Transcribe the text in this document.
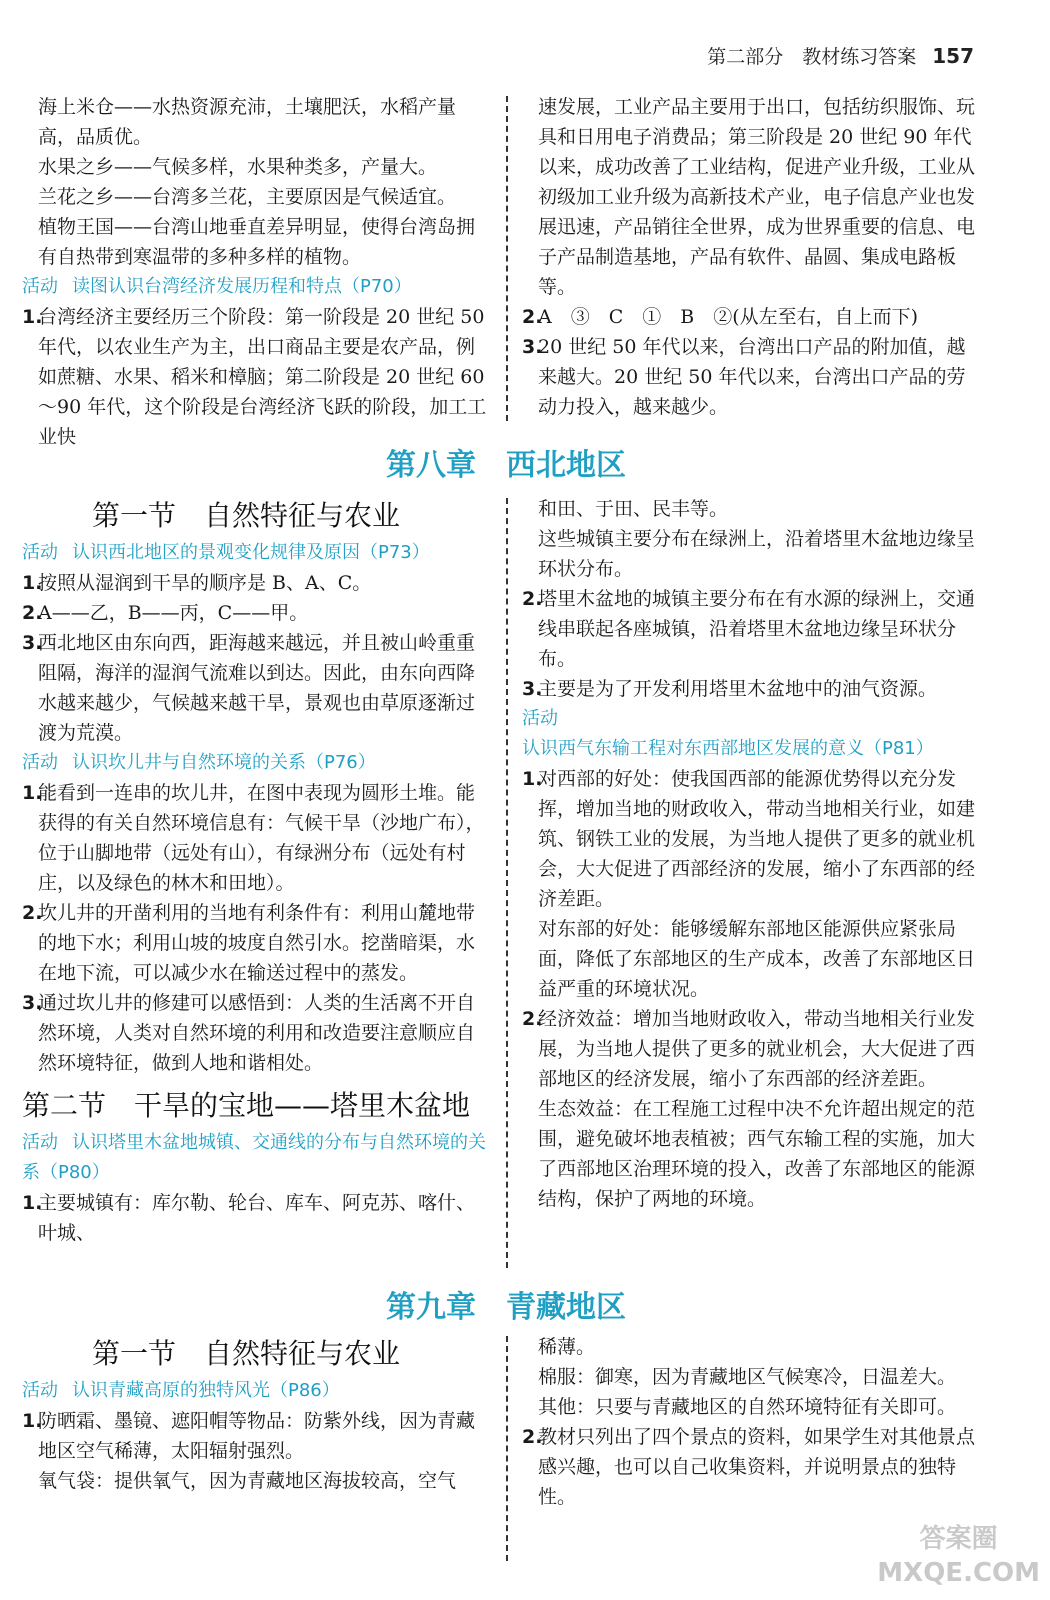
第二部分　教材练习答案 157

海上米仓——水热资源充沛，土壤肥沃，水稻产量高，品质优。

水果之乡——气候多样，水果种类多，产量大。

兰花之乡——台湾多兰花，主要原因是气候适宜。

植物王国——台湾山地垂直差异明显，使得台湾岛拥有自热带到寒温带的多种多样的植物。

活动 读图认识台湾经济发展历程和特点（P70）

1.
台湾经济主要经历三个阶段：第一阶段是 20 世纪 50 年代，以农业生产为主，出口商品主要是农产品，例如蔗糖、水果、稻米和樟脑；第二阶段是 20 世纪 60～90 年代，这个阶段是台湾经济飞跃的阶段，加工工业快

速发展，工业产品主要用于出口，包括纺织服饰、玩具和日用电子消费品；第三阶段是 20 世纪 90 年代以来，成功改善了工业结构，促进产业升级，工业从初级加工业升级为高新技术产业，电子信息产业也发展迅速，产品销往全世界，成为世界重要的信息、电子产品制造基地，产品有软件、晶圆、集成电路板等。

2.
A　③　C　①　B　②(从左至右，自上而下)
3.
20 世纪 50 年代以来，台湾出口产品的附加值，越来越大。20 世纪 50 年代以来，台湾出口产品的劳动力投入，越来越少。
第八章 西北地区

第一节 自然特征与农业

活动 认识西北地区的景观变化规律及原因（P73）

1.
按照从湿润到干旱的顺序是 B、A、C。
2.
A——乙，B——丙，C——甲。
3.
西北地区由东向西，距海越来越远，并且被山岭重重阻隔，海洋的湿润气流难以到达。因此，由东向西降水越来越少，气候越来越干旱，景观也由草原逐渐过渡为荒漠。

活动 认识坎儿井与自然环境的关系（P76）

1.
能看到一连串的坎儿井，在图中表现为圆形土堆。能获得的有关自然环境信息有：气候干旱（沙地广布），位于山脚地带（远处有山），有绿洲分布（远处有村庄，以及绿色的林木和田地）。
2.
坎儿井的开凿利用的当地有利条件有：利用山麓地带的地下水；利用山坡的坡度自然引水。挖凿暗渠，水在地下流，可以减少水在输送过程中的蒸发。
3.
通过坎儿井的修建可以感悟到：人类的生活离不开自然环境，人类对自然环境的利用和改造要注意顺应自然环境特征，做到人地和谐相处。

第二节 干旱的宝地——塔里木盆地

活动 认识塔里木盆地城镇、交通线的分布与自然环境的关系（P80）

1.
主要城镇有：库尔勒、轮台、库车、阿克苏、喀什、叶城、

和田、于田、民丰等。

这些城镇主要分布在绿洲上，沿着塔里木盆地边缘呈环状分布。

2.
塔里木盆地的城镇主要分布在有水源的绿洲上，交通线串联起各座城镇，沿着塔里木盆地边缘呈环状分布。
3.
主要是为了开发利用塔里木盆地中的油气资源。

活动认识西气东输工程对东西部地区发展的意义（P81）

1.
对西部的好处：使我国西部的能源优势得以充分发挥，增加当地的财政收入，带动当地相关行业，如建筑、钢铁工业的发展，为当地人提供了更多的就业机会，大大促进了西部经济的发展，缩小了东西部的经济差距。

对东部的好处：能够缓解东部地区能源供应紧张局面，降低了东部地区的生产成本，改善了东部地区日益严重的环境状况。

2.
经济效益：增加当地财政收入，带动当地相关行业发展，为当地人提供了更多的就业机会，大大促进了西部地区的经济发展，缩小了东西部的经济差距。

生态效益：在工程施工过程中决不允许超出规定的范围，避免破坏地表植被；西气东输工程的实施，加大了西部地区治理环境的投入，改善了东部地区的能源结构，保护了两地的环境。

第九章 青藏地区

第一节 自然特征与农业

活动 认识青藏高原的独特风光（P86）

1.
防晒霜、墨镜、遮阳帽等物品：防紫外线，因为青藏地区空气稀薄，太阳辐射强烈。

氧气袋：提供氧气，因为青藏地区海拔较高，空气

稀薄。

棉服：御寒，因为青藏地区气候寒冷，日温差大。

其他：只要与青藏地区的自然环境特征有关即可。

2.
教材只列出了四个景点的资料，如果学生对其他景点感兴趣，也可以自己收集资料，并说明景点的独特性。
答案圈
MXQE.COM
